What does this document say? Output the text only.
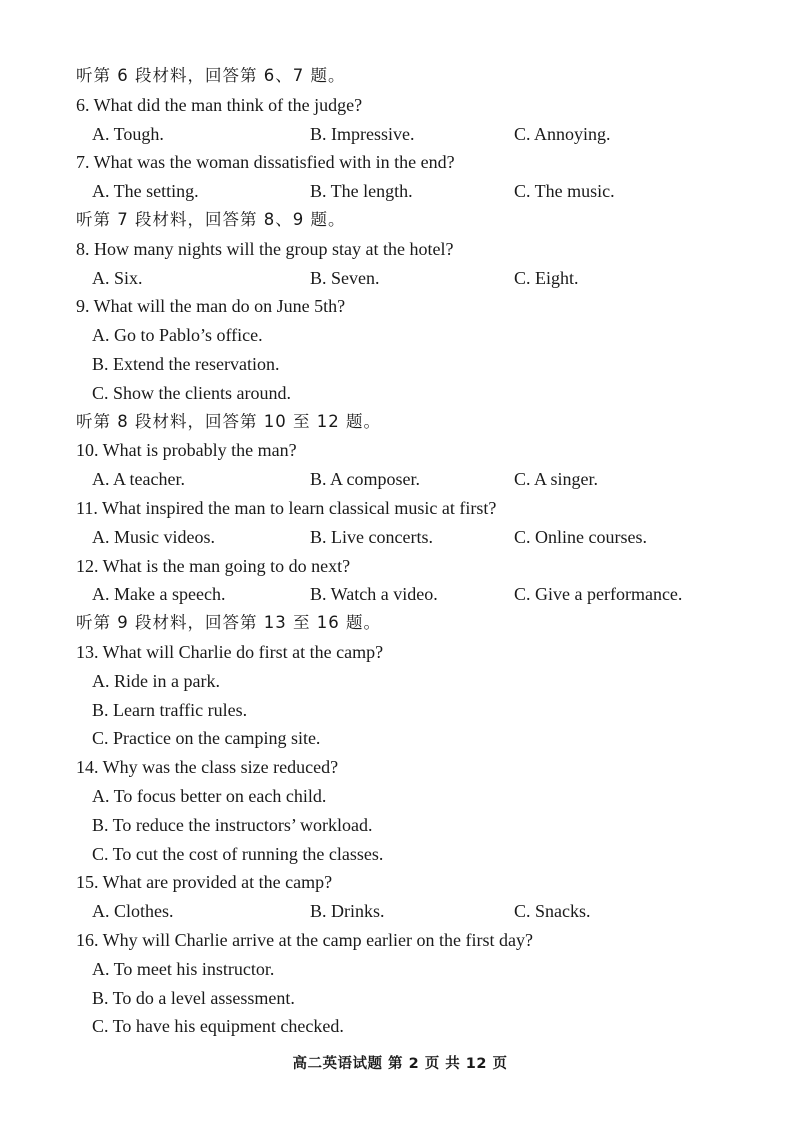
听第 6 段材料，回答第 6、7 题。
6. What did the man think of the judge?
A. Tough.	B. Impressive.	C. Annoying.
7. What was the woman dissatisfied with in the end?
A. The setting.	B. The length.	C. The music.
听第 7 段材料，回答第 8、9 题。
8. How many nights will the group stay at the hotel?
A. Six.	B. Seven.	C. Eight.
9. What will the man do on June 5th?
A. Go to Pablo’s office.
B. Extend the reservation.
C. Show the clients around.
听第 8 段材料，回答第 10 至 12 题。
10. What is probably the man?
A. A teacher.	B. A composer.	C. A singer.
11. What inspired the man to learn classical music at first?
A. Music videos.	B. Live concerts.	C. Online courses.
12. What is the man going to do next?
A. Make a speech.	B. Watch a video.	C. Give a performance.
听第 9 段材料，回答第 13 至 16 题。
13. What will Charlie do first at the camp?
A. Ride in a park.
B. Learn traffic rules.
C. Practice on the camping site.
14. Why was the class size reduced?
A. To focus better on each child.
B. To reduce the instructors’ workload.
C. To cut the cost of running the classes.
15. What are provided at the camp?
A. Clothes.	B. Drinks.	C. Snacks.
16. Why will Charlie arrive at the camp earlier on the first day?
A. To meet his instructor.
B. To do a level assessment.
C. To have his equipment checked.
高二英语试题 第 2 页 共 12 页
